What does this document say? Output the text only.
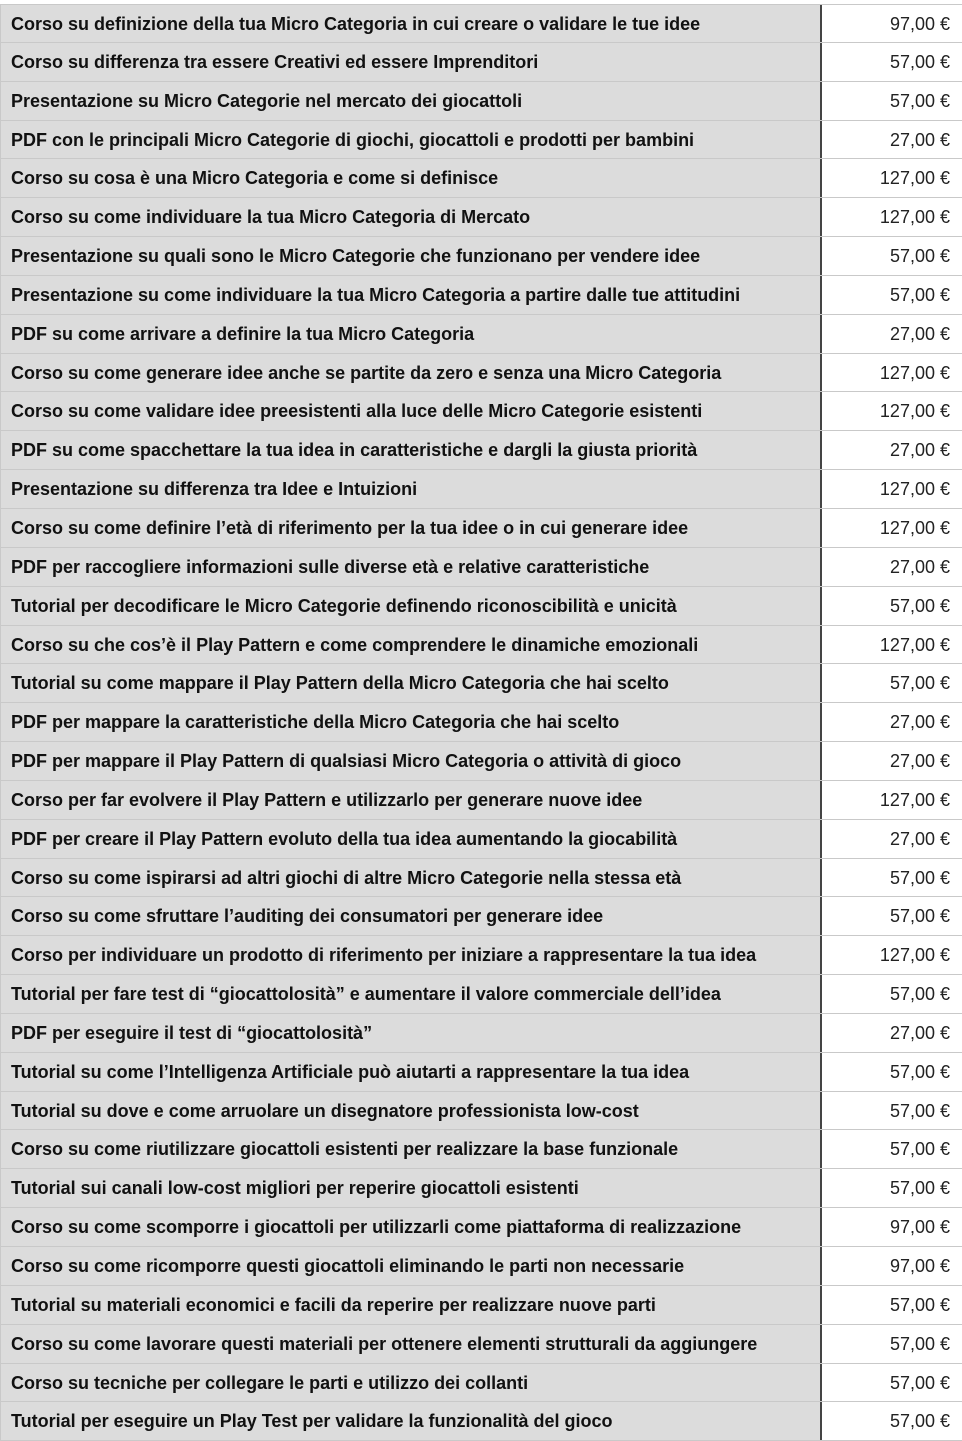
Corso su definizione della tua Micro Categoria in cui creare o validare le tue idee	97,00 €
Corso su differenza tra essere Creativi ed essere Imprenditori	57,00 €
Presentazione su Micro Categorie nel mercato dei giocattoli	57,00 €
PDF con le principali Micro Categorie di giochi, giocattoli e prodotti per bambini	27,00 €
Corso su cosa è una Micro Categoria e come si definisce	127,00 €
Corso su come individuare la tua Micro Categoria di Mercato	127,00 €
Presentazione su quali sono le Micro Categorie che funzionano per vendere idee	57,00 €
Presentazione su come individuare la tua Micro Categoria a partire dalle tue attitudini	57,00 €
PDF su come arrivare a definire la tua Micro Categoria	27,00 €
Corso su come generare idee anche se partite da zero e senza una Micro Categoria	127,00 €
Corso su come validare idee preesistenti alla luce delle Micro Categorie esistenti	127,00 €
PDF su come spacchettare la tua idea in caratteristiche e dargli la giusta priorità	27,00 €
Presentazione su differenza tra Idee e Intuizioni	127,00 €
Corso su come definire l’età di riferimento per la tua idee o in cui generare idee	127,00 €
PDF per raccogliere informazioni sulle diverse età e relative caratteristiche	27,00 €
Tutorial per decodificare le Micro Categorie definendo riconoscibilità e unicità	57,00 €
Corso su che cos’è il Play Pattern e come comprendere le dinamiche emozionali	127,00 €
Tutorial su come mappare il Play Pattern della Micro Categoria che hai scelto	57,00 €
PDF per mappare la caratteristiche della Micro Categoria che hai scelto	27,00 €
PDF per mappare il Play Pattern di qualsiasi Micro Categoria o attività di gioco	27,00 €
Corso per far evolvere il Play Pattern e utilizzarlo per generare nuove idee	127,00 €
PDF per creare il Play Pattern evoluto della tua idea aumentando la giocabilità	27,00 €
Corso su come ispirarsi ad altri giochi di altre Micro Categorie nella stessa età	57,00 €
Corso su come sfruttare l’auditing dei consumatori per generare idee	57,00 €
Corso per individuare un prodotto di riferimento per iniziare a rappresentare la tua idea	127,00 €
Tutorial per fare test di “giocattolosità” e aumentare il valore commerciale dell’idea	57,00 €
PDF per eseguire il test di “giocattolosità”	27,00 €
Tutorial su come l’Intelligenza Artificiale può aiutarti a rappresentare la tua idea	57,00 €
Tutorial su dove e come arruolare un disegnatore professionista low-cost	57,00 €
Corso su come riutilizzare giocattoli esistenti per realizzare la base funzionale	57,00 €
Tutorial sui canali low-cost migliori per reperire giocattoli esistenti	57,00 €
Corso su come scomporre i giocattoli per utilizzarli come piattaforma di realizzazione	97,00 €
Corso su come ricomporre questi giocattoli eliminando le parti non necessarie	97,00 €
Tutorial su materiali economici e facili da reperire per realizzare nuove parti	57,00 €
Corso su come lavorare questi materiali per ottenere elementi strutturali da aggiungere	57,00 €
Corso su tecniche per collegare le parti e utilizzo dei collanti	57,00 €
Tutorial per eseguire un Play Test per validare la funzionalità del gioco	57,00 €
